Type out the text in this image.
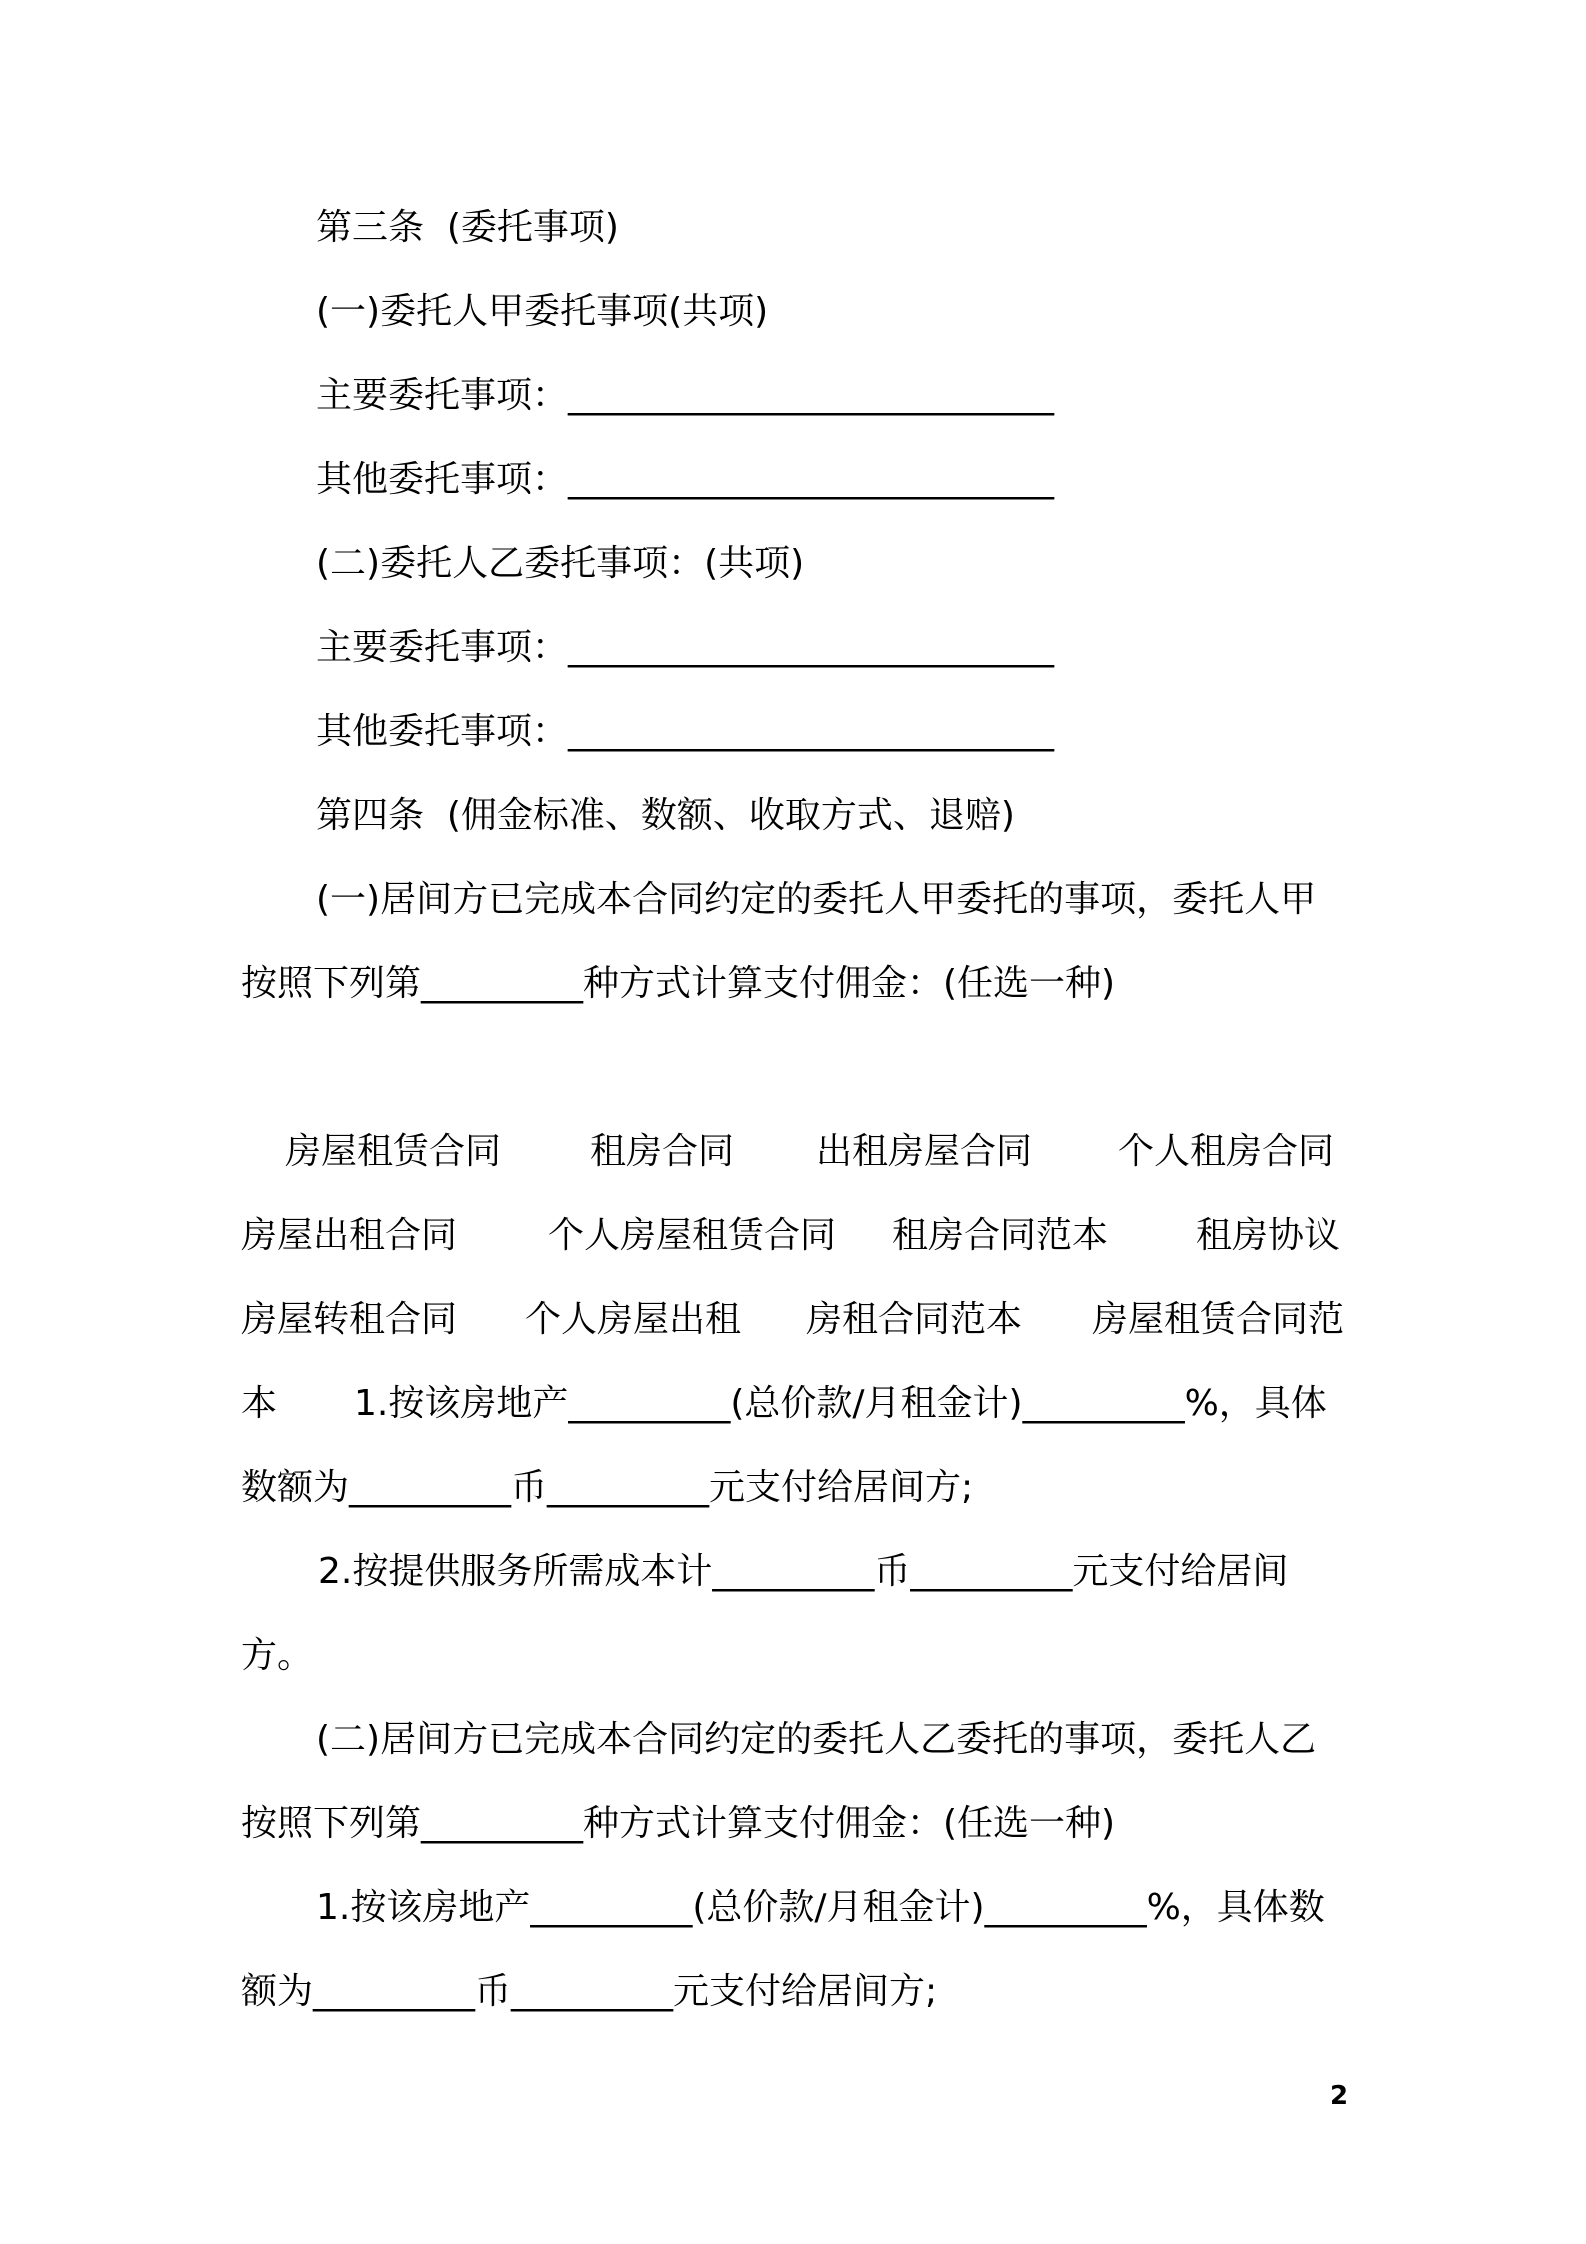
第三条  (委托事项)
(一)委托人甲委托事项(共项)
主要委托事项：___________________________
其他委托事项：___________________________
(二)委托人乙委托事项：(共项)
主要委托事项：___________________________
其他委托事项：___________________________
第四条  (佣金标准、数额、收取方式、退赔)
(一)居间方已完成本合同约定的委托人甲委托的事项，委托人甲
按照下列第_________种方式计算支付佣金：(任选一种)
房屋租赁合同 租房合同 出租房屋合同 个人租房合同
房屋出租合同	个人房屋租赁合同 租房合同范本 租房协议
房屋转租合同 个人房屋出租 房租合同范本 房屋租赁合同范
本 1.按该房地产_________(总价款/月租金计)_________%，具体
数额为_________币_________元支付给居间方;
2.按提供服务所需成本计_________币_________元支付给居间
方。
(二)居间方已完成本合同约定的委托人乙委托的事项，委托人乙
按照下列第_________种方式计算支付佣金：(任选一种)
1.按该房地产_________(总价款/月租金计)_________%，具体数
额为_________币_________元支付给居间方;
2
